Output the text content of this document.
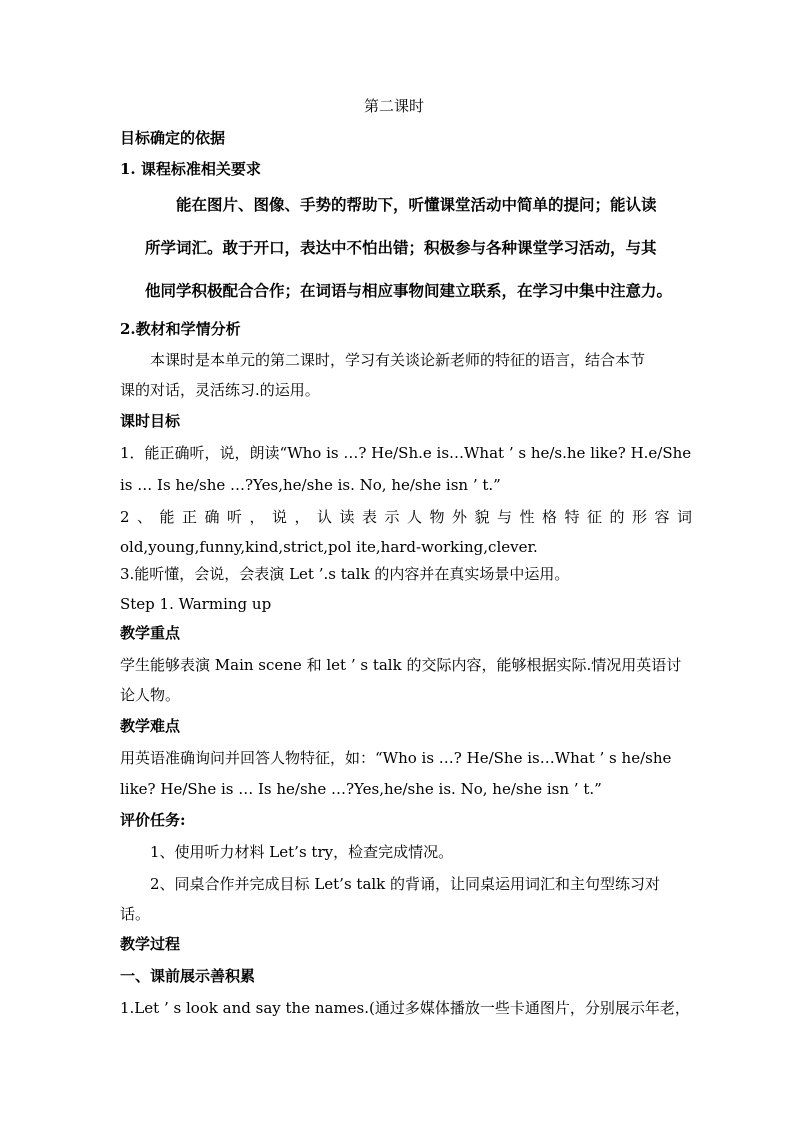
第二课时
目标确定的依据
1. 课程标准相关要求
能在图片、图像、手势的帮助下，听懂课堂活动中简单的提问；能认读
所学词汇。敢于开口，表达中不怕出错；积极参与各种课堂学习活动，与其
他同学积极配合合作；在词语与相应事物间建立联系，在学习中集中注意力。
2.教材和学情分析
本课时是本单元的第二课时，学习有关谈论新老师的特征的语言，结合本节
课的对话，灵活练习.的运用。
课时目标
1．能正确听，说，朗读“Who is …? He/Sh.e is…What ’ s he/s.he like? H.e/She
is … Is he/she …?Yes,he/she is. No, he/she isn ’ t.”
2、能正确听，说，认读表示人物外貌与性格特征的形容词
old,young,funny,kind,strict,pol ite,hard-working,clever.
3.能听懂，会说，会表演 Let ’.s talk 的内容并在真实场景中运用。
Step 1. Warming up
教学重点
学生能够表演 Main scene 和 let ’ s talk 的交际内容，能够根据实际.情况用英语讨
论人物。
教学难点
用英语准确询问并回答人物特征，如：“Who is …? He/She is…What ’ s he/she
like? He/She is … Is he/she …?Yes,he/she is. No, he/she isn ’ t.”
评价任务:
1、使用听力材料 Let’s try，检查完成情况。
2、同桌合作并完成目标 Let’s talk 的背诵，让同桌运用词汇和主句型练习对
话。
教学过程
一、课前展示善积累
1.Let ’ s look and say the names.(通过多媒体播放一些卡通图片，分别展示年老，
